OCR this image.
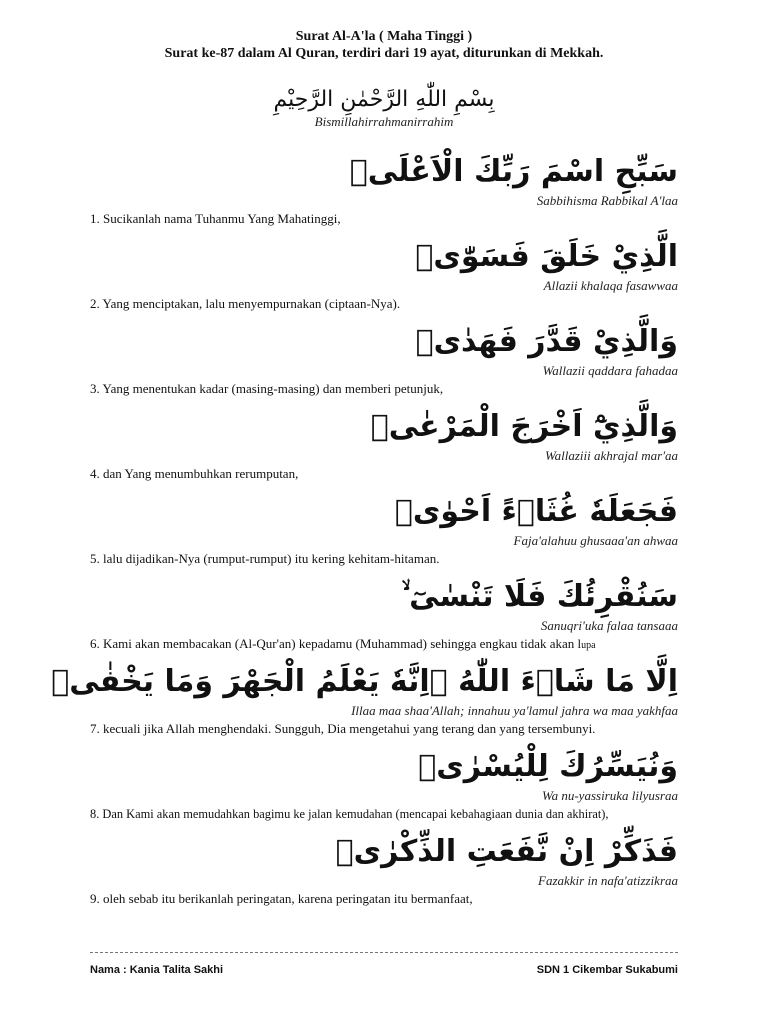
Surat Al-A'la ( Maha Tinggi )
Surat ke-87 dalam Al Quran, terdiri dari 19 ayat, diturunkan di Mekkah.
بِسْمِ اللّٰهِ الرَّحْمٰنِ الرَّحِيْمِ
Bismillahirrahmanirrahim
سَبِّحِ اسْمَ رَبِّكَ الْاَعْلَىۙ
Sabbihisma Rabbikal A'laa
1. Sucikanlah nama Tuhanmu Yang Mahatinggi,
الَّذِيْ خَلَقَ فَسَوّٰىۖ
Allazii khalaqa fasawwaa
2. Yang menciptakan, lalu menyempurnakan (ciptaan-Nya).
وَالَّذِيْ قَدَّرَ فَهَدٰىۖ
Wallazii qaddara fahadaa
3. Yang menentukan kadar (masing-masing) dan memberi petunjuk,
وَالَّذِيْٓ اَخْرَجَ الْمَرْعٰىۖ
Wallaziii akhrajal mar'aa
4. dan Yang menumbuhkan rerumputan,
فَجَعَلَهٗ غُثَاۤءً اَحْوٰىۗ
Faja'alahuu ghusaaa'an ahwaa
5. lalu dijadikan-Nya (rumput-rumput) itu kering kehitam-hitaman.
سَنُقْرِئُكَ فَلَا تَنْسٰىٓ ۙ
Sanuqri'uka falaa tansaaa
6. Kami akan membacakan (Al-Qur'an) kepadamu (Muhammad) sehingga engkau tidak akan lupa
اِلَّا مَا شَاۤءَ اللّٰهُ ۗاِنَّهٗ يَعْلَمُ الْجَهْرَ وَمَا يَخْفٰىۗ
Illaa maa shaa'Allah; innahuu ya'lamul jahra wa maa yakhfaa
7. kecuali jika Allah menghendaki. Sungguh, Dia mengetahui yang terang dan yang tersembunyi.
وَنُيَسِّرُكَ لِلْيُسْرٰىۖ
Wa nu-yassiruka lilyusraa
8. Dan Kami akan memudahkan bagimu ke jalan kemudahan (mencapai kebahagiaan dunia dan akhirat),
فَذَكِّرْ اِنْ نَّفَعَتِ الذِّكْرٰىۗ
Fazakkir in nafa'atizzikraa
9. oleh sebab itu berikanlah peringatan, karena peringatan itu bermanfaat,
Nama : Kania Talita Sakhi	SDN 1 Cikembar Sukabumi
